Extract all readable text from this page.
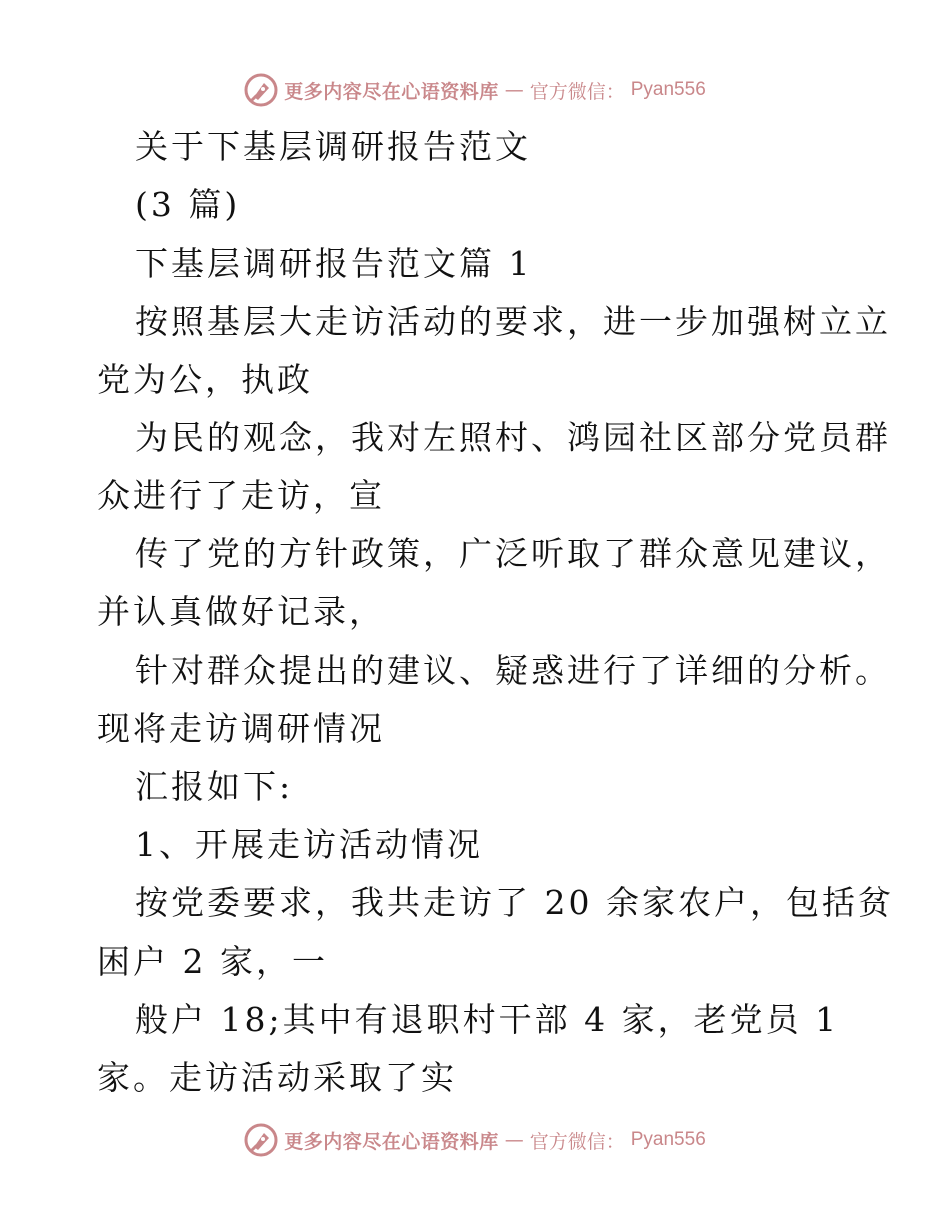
更多内容尽在心语资料库 — 官方微信： Pyan556
关于下基层调研报告范文
(3 篇)
下基层调研报告范文篇 1
按照基层大走访活动的要求，进一步加强树立立
党为公，执政
为民的观念，我对左照村、鸿园社区部分党员群
众进行了走访，宣
传了党的方针政策，广泛听取了群众意见建议，
并认真做好记录，
针对群众提出的建议、疑惑进行了详细的分析。
现将走访调研情况
汇报如下:
1、开展走访活动情况
按党委要求，我共走访了 20 余家农户，包括贫
困户 2 家，一
般户 18;其中有退职村干部 4 家，老党员 1
家。走访活动采取了实
更多内容尽在心语资料库 — 官方微信： Pyan556
